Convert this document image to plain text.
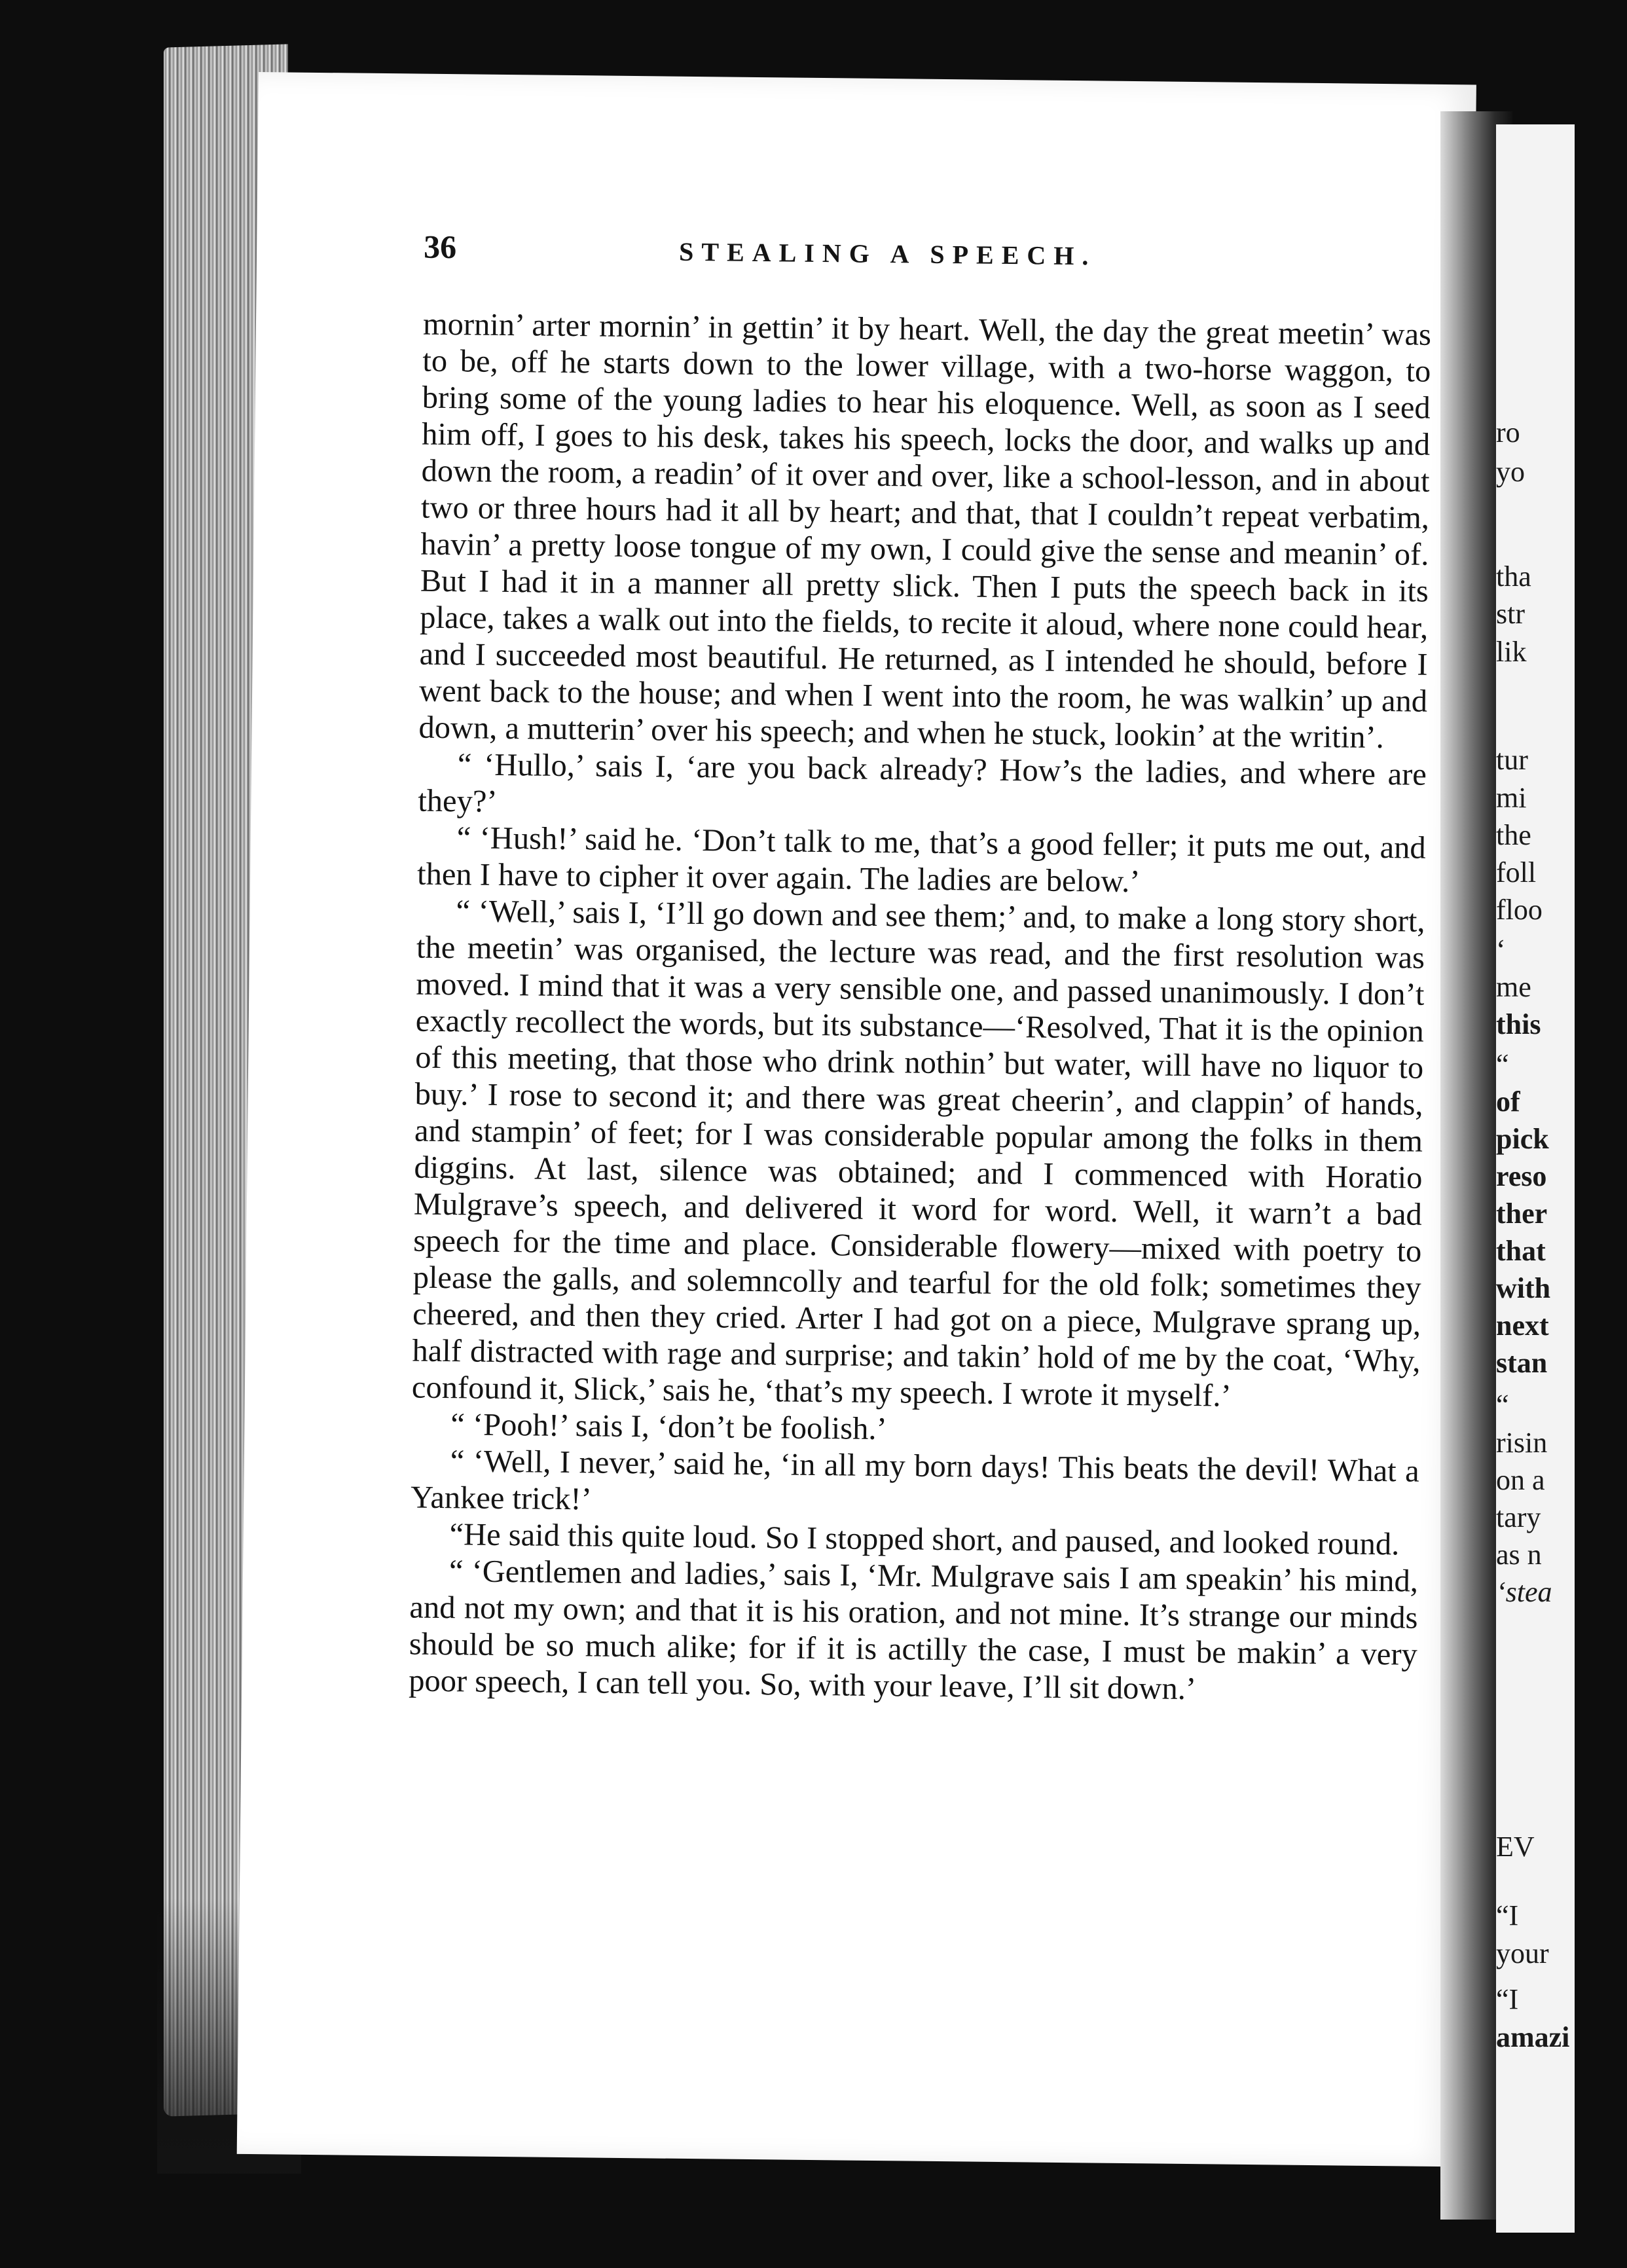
36	STEALING A SPEECH.

mornin’ arter mornin’ in gettin’ it by heart. Well, the day the great meetin’ was to be, off he starts down to the lower village, with a two-horse waggon, to bring some of the young ladies to hear his eloquence. Well, as soon as I seed him off, I goes to his desk, takes his speech, locks the door, and walks up and down the room, a readin’ of it over and over, like a school-lesson, and in about two or three hours had it all by heart; and that, that I couldn’t repeat verbatim, havin’ a pretty loose tongue of my own, I could give the sense and meanin’ of. But I had it in a manner all pretty slick. Then I puts the speech back in its place, takes a walk out into the fields, to recite it aloud, where none could hear, and I succeeded most beautiful. He returned, as I intended he should, before I went back to the house; and when I went into the room, he was walkin’ up and down, a mutterin’ over his speech; and when he stuck, lookin’ at the writin’.

“ ‘Hullo,’ sais I, ‘are you back already? How’s the ladies, and where are they?’

“ ‘Hush!’ said he. ‘Don’t talk to me, that’s a good feller; it puts me out, and then I have to cipher it over again. The ladies are below.’

“ ‘Well,’ sais I, ‘I’ll go down and see them;’ and, to make a long story short, the meetin’ was organised, the lecture was read, and the first resolution was moved. I mind that it was a very sensible one, and passed unanimously. I don’t exactly recollect the words, but its substance—‘Resolved, That it is the opinion of this meeting, that those who drink nothin’ but water, will have no liquor to buy.’ I rose to second it; and there was great cheerin’, and clappin’ of hands, and stampin’ of feet; for I was considerable popular among the folks in them diggins. At last, silence was obtained; and I commenced with Horatio Mulgrave’s speech, and delivered it word for word. Well, it warn’t a bad speech for the time and place. Considerable flowery—mixed with poetry to please the galls, and solemncolly and tearful for the old folk; sometimes they cheered, and then they cried. Arter I had got on a piece, Mulgrave sprang up, half distracted with rage and surprise; and takin’ hold of me by the coat, ‘Why, confound it, Slick,’ sais he, ‘that’s my speech. I wrote it myself.’

“ ‘Pooh!’ sais I, ‘don’t be foolish.’

“ ‘Well, I never,’ said he, ‘in all my born days! This beats the devil! What a Yankee trick!’

“He said this quite loud. So I stopped short, and paused, and looked round.

“ ‘Gentlemen and ladies,’ sais I, ‘Mr. Mulgrave sais I am speakin’ his mind, and not my own; and that it is his oration, and not mine. It’s strange our minds should be so much alike; for if it is actilly the case, I must be makin’ a very poor speech, I can tell you. So, with your leave, I’ll sit down.’

ro
yo
tha
str
lik
tur
mi
the
foll
floo
‘
me
this
“
of
pick
reso
ther
that
with
next
stan
“
risin
on a
tary
as n
‘stea
EV
“I
your
“I
amazi
